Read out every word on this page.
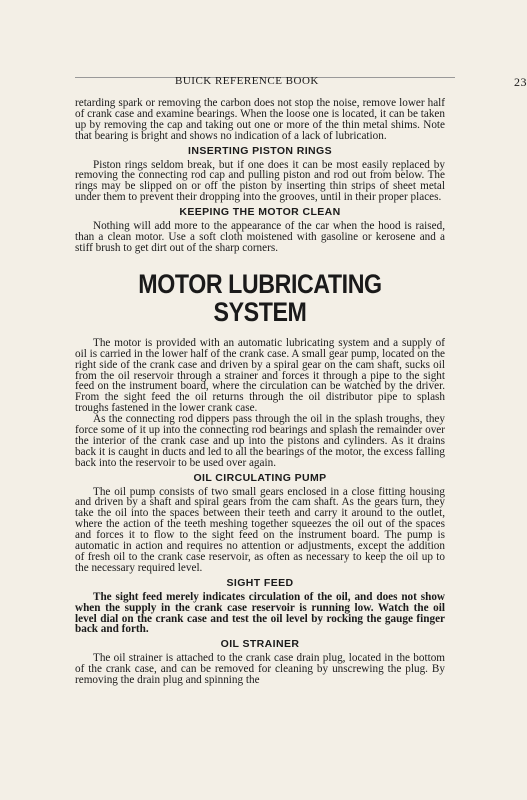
BUICK REFERENCE BOOK	23

retarding spark or removing the carbon does not stop the noise, remove lower half of crank case and examine bearings. When the loose one is located, it can be taken up by removing the cap and taking out one or more of the thin metal shims. Note that bearing is bright and shows no indication of a lack of lubrication.

INSERTING PISTON RINGS

Piston rings seldom break, but if one does it can be most easily replaced by removing the connecting rod cap and pulling piston and rod out from below. The rings may be slipped on or off the piston by inserting thin strips of sheet metal under them to prevent their dropping into the grooves, until in their proper places.

KEEPING THE MOTOR CLEAN

Nothing will add more to the appearance of the car when the hood is raised, than a clean motor. Use a soft cloth moistened with gasoline or kerosene and a stiff brush to get dirt out of the sharp corners.

MOTOR LUBRICATING SYSTEM

The motor is provided with an automatic lubricating system and a supply of oil is carried in the lower half of the crank case. A small gear pump, located on the right side of the crank case and driven by a spiral gear on the cam shaft, sucks oil from the oil reservoir through a strainer and forces it through a pipe to the sight feed on the instrument board, where the circulation can be watched by the driver. From the sight feed the oil returns through the oil distributor pipe to splash troughs fastened in the lower crank case.

As the connecting rod dippers pass through the oil in the splash troughs, they force some of it up into the connecting rod bearings and splash the remainder over the interior of the crank case and up into the pistons and cylinders. As it drains back it is caught in ducts and led to all the bearings of the motor, the excess falling back into the reservoir to be used over again.

OIL CIRCULATING PUMP

The oil pump consists of two small gears enclosed in a close fitting housing and driven by a shaft and spiral gears from the cam shaft. As the gears turn, they take the oil into the spaces between their teeth and carry it around to the outlet, where the action of the teeth meshing together squeezes the oil out of the spaces and forces it to flow to the sight feed on the instrument board. The pump is automatic in action and requires no attention or adjustments, except the addition of fresh oil to the crank case reservoir, as often as necessary to keep the oil up to the necessary required level.

SIGHT FEED

The sight feed merely indicates circulation of the oil, and does not show when the supply in the crank case reservoir is running low. Watch the oil level dial on the crank case and test the oil level by rocking the gauge finger back and forth.

OIL STRAINER

The oil strainer is attached to the crank case drain plug, located in the bottom of the crank case, and can be removed for cleaning by unscrewing the plug. By removing the drain plug and spinning the
